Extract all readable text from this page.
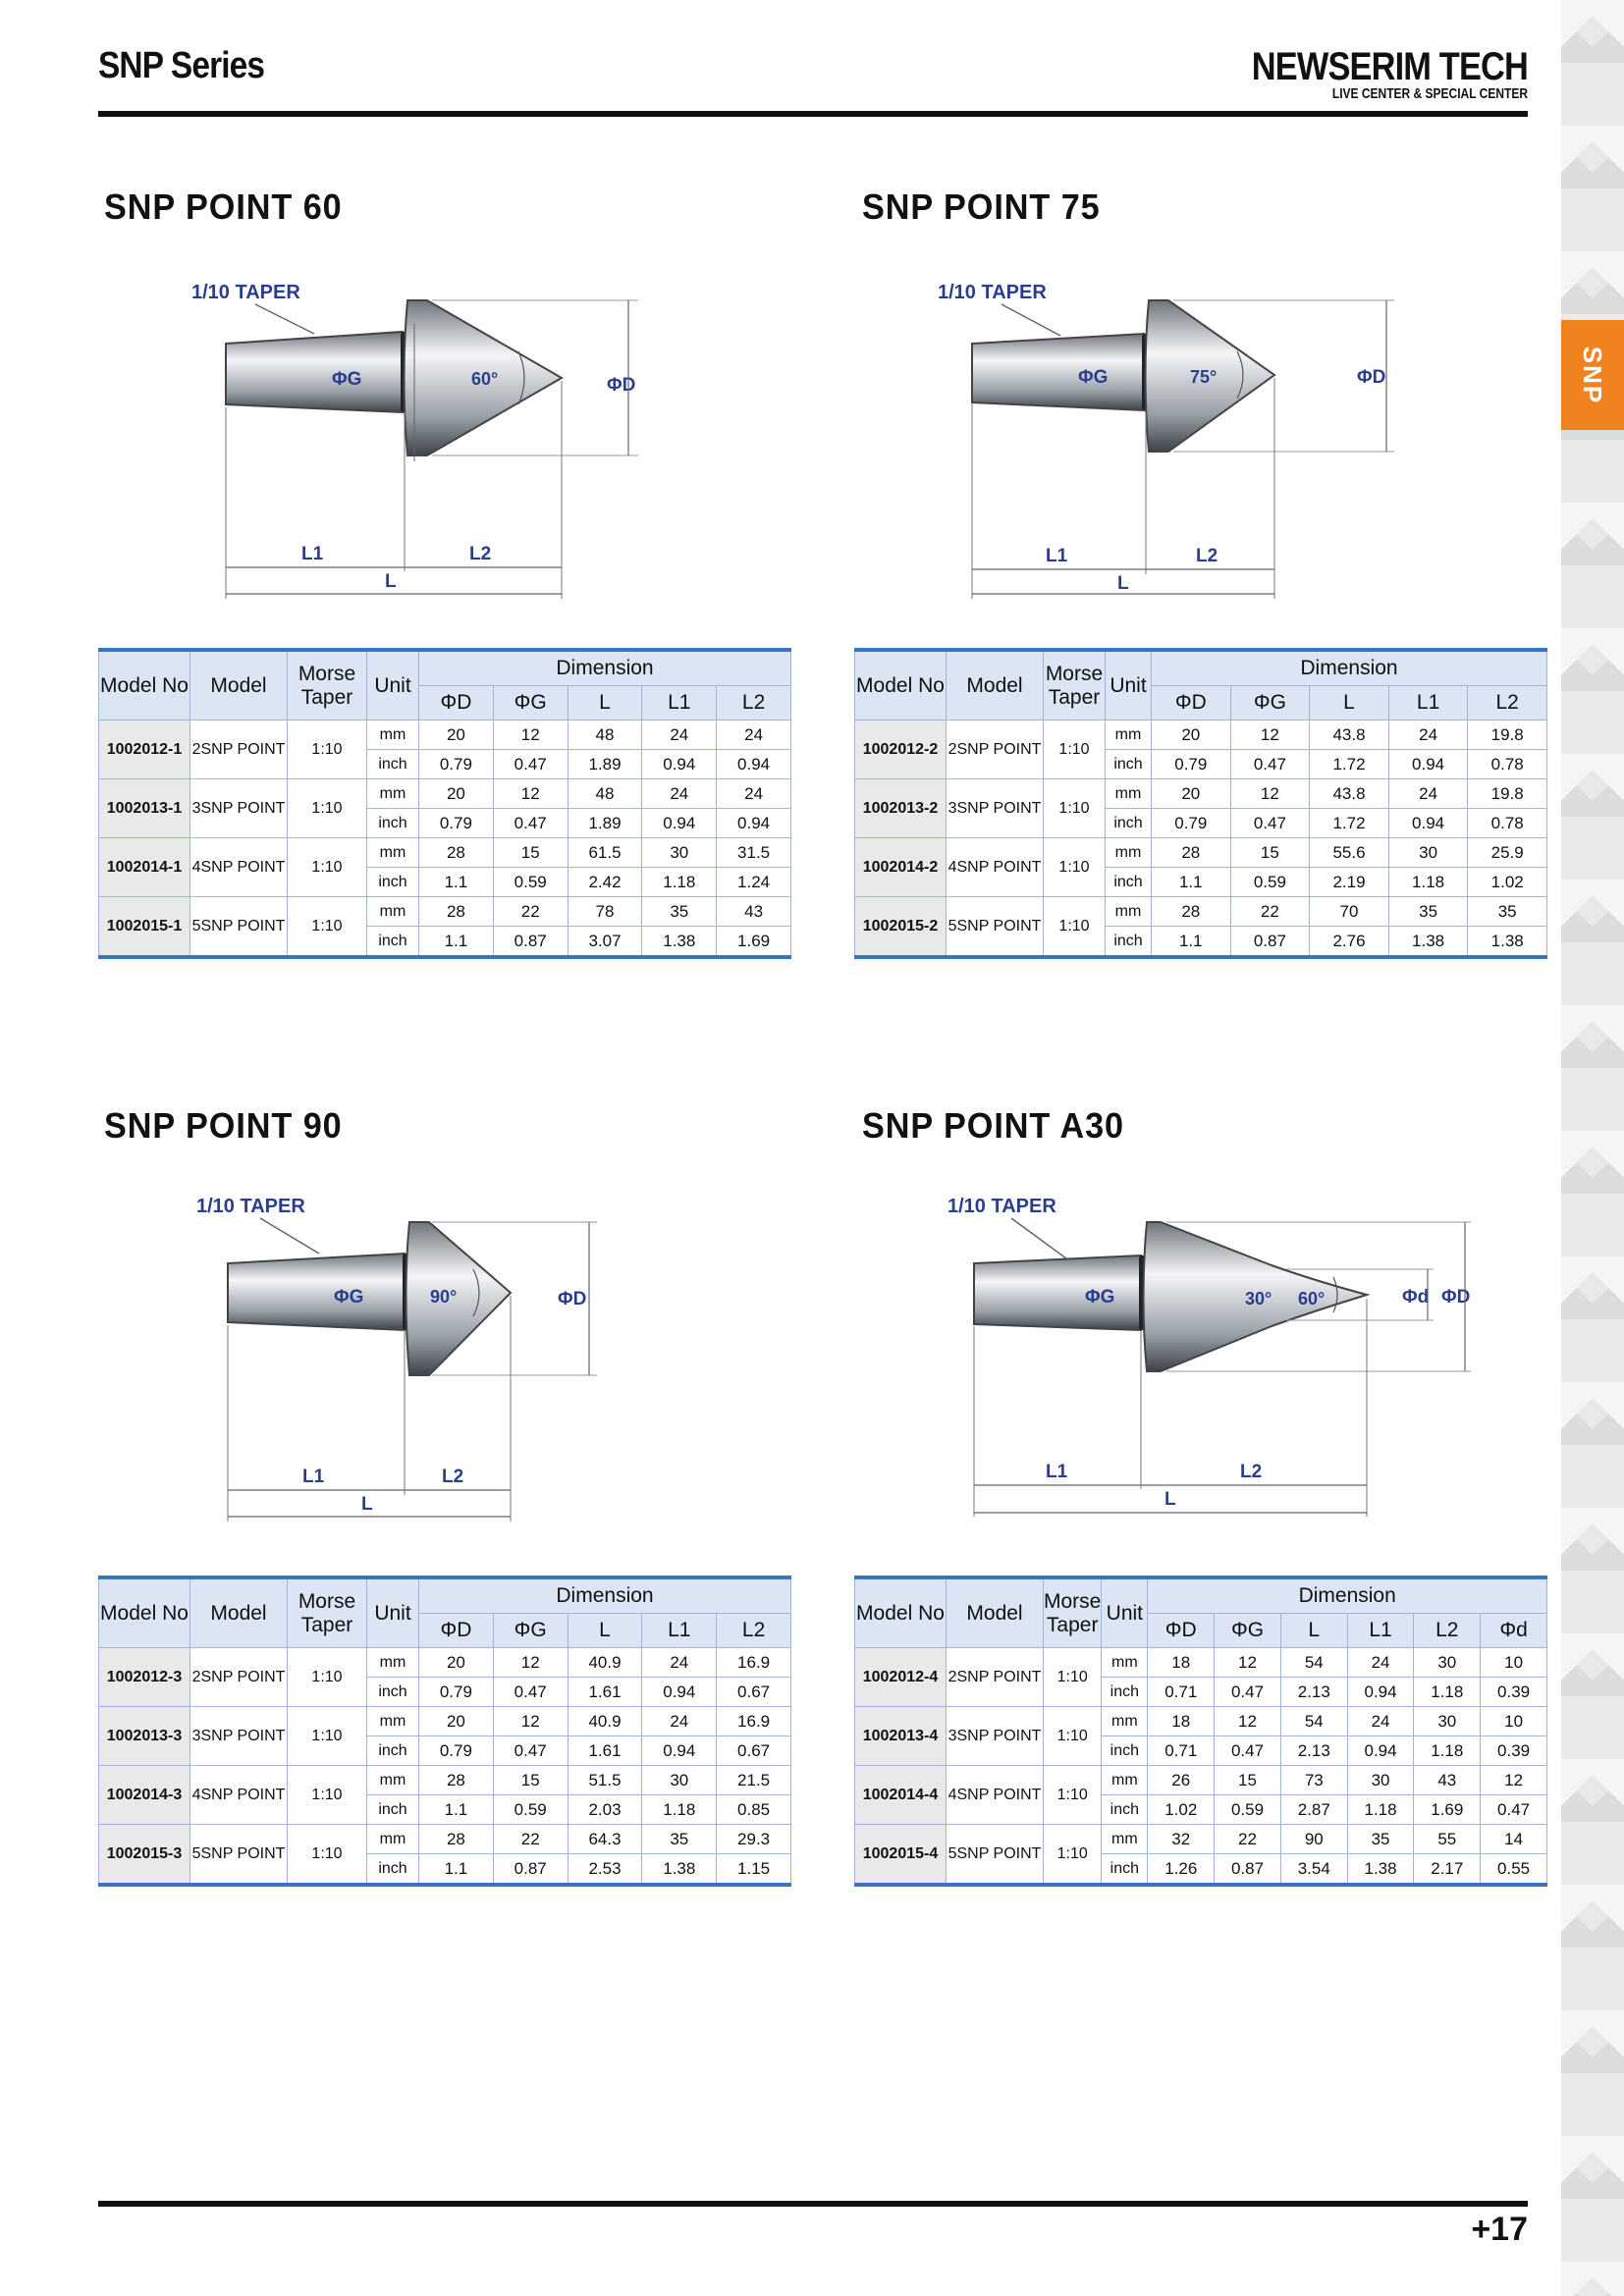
SNP
SNP Series	NEWSERIM TECH
LIVE CENTER & SPECIAL CENTER
SNP POINT 60
1/10 TAPER
ΦG	60°	ΦD
L1	L2
L
Model No	Model	Morse Taper	Unit	Dimension				
				ΦD	ΦG	L	L1	L2
1002012-1	2SNP POINT	1:10	mm	20	12	48	24	24
			inch	0.79	0.47	1.89	0.94	0.94
1002013-1	3SNP POINT	1:10	mm	20	12	48	24	24
			inch	0.79	0.47	1.89	0.94	0.94
1002014-1	4SNP POINT	1:10	mm	28	15	61.5	30	31.5
			inch	1.1	0.59	2.42	1.18	1.24
1002015-1	5SNP POINT	1:10	mm	28	22	78	35	43
			inch	1.1	0.87	3.07	1.38	1.69
SNP POINT 75
1/10 TAPER
ΦG	75°	ΦD
L1	L2
L
Model No	Model	Morse Taper	Unit	Dimension				
				ΦD	ΦG	L	L1	L2
1002012-2	2SNP POINT	1:10	mm	20	12	43.8	24	19.8
			inch	0.79	0.47	1.72	0.94	0.78
1002013-2	3SNP POINT	1:10	mm	20	12	43.8	24	19.8
			inch	0.79	0.47	1.72	0.94	0.78
1002014-2	4SNP POINT	1:10	mm	28	15	55.6	30	25.9
			inch	1.1	0.59	2.19	1.18	1.02
1002015-2	5SNP POINT	1:10	mm	28	22	70	35	35
			inch	1.1	0.87	2.76	1.38	1.38
SNP POINT 90
1/10 TAPER
ΦG	90°	ΦD
L1	L2
L
Model No	Model	Morse Taper	Unit	Dimension				
				ΦD	ΦG	L	L1	L2
1002012-3	2SNP POINT	1:10	mm	20	12	40.9	24	16.9
			inch	0.79	0.47	1.61	0.94	0.67
1002013-3	3SNP POINT	1:10	mm	20	12	40.9	24	16.9
			inch	0.79	0.47	1.61	0.94	0.67
1002014-3	4SNP POINT	1:10	mm	28	15	51.5	30	21.5
			inch	1.1	0.59	2.03	1.18	0.85
1002015-3	5SNP POINT	1:10	mm	28	22	64.3	35	29.3
			inch	1.1	0.87	2.53	1.38	1.15
SNP POINT A30
1/10 TAPER
ΦG	30° 60°	Φd ΦD
L1	L2
L
Model No	Model	Morse Taper	Unit	Dimension					
				ΦD	ΦG	L	L1	L2	Φd
1002012-4	2SNP POINT	1:10	mm	18	12	54	24	30	10
			inch	0.71	0.47	2.13	0.94	1.18	0.39
1002013-4	3SNP POINT	1:10	mm	18	12	54	24	30	10
			inch	0.71	0.47	2.13	0.94	1.18	0.39
1002014-4	4SNP POINT	1:10	mm	26	15	73	30	43	12
			inch	1.02	0.59	2.87	1.18	1.69	0.47
1002015-4	5SNP POINT	1:10	mm	32	22	90	35	55	14
			inch	1.26	0.87	3.54	1.38	2.17	0.55
+17
